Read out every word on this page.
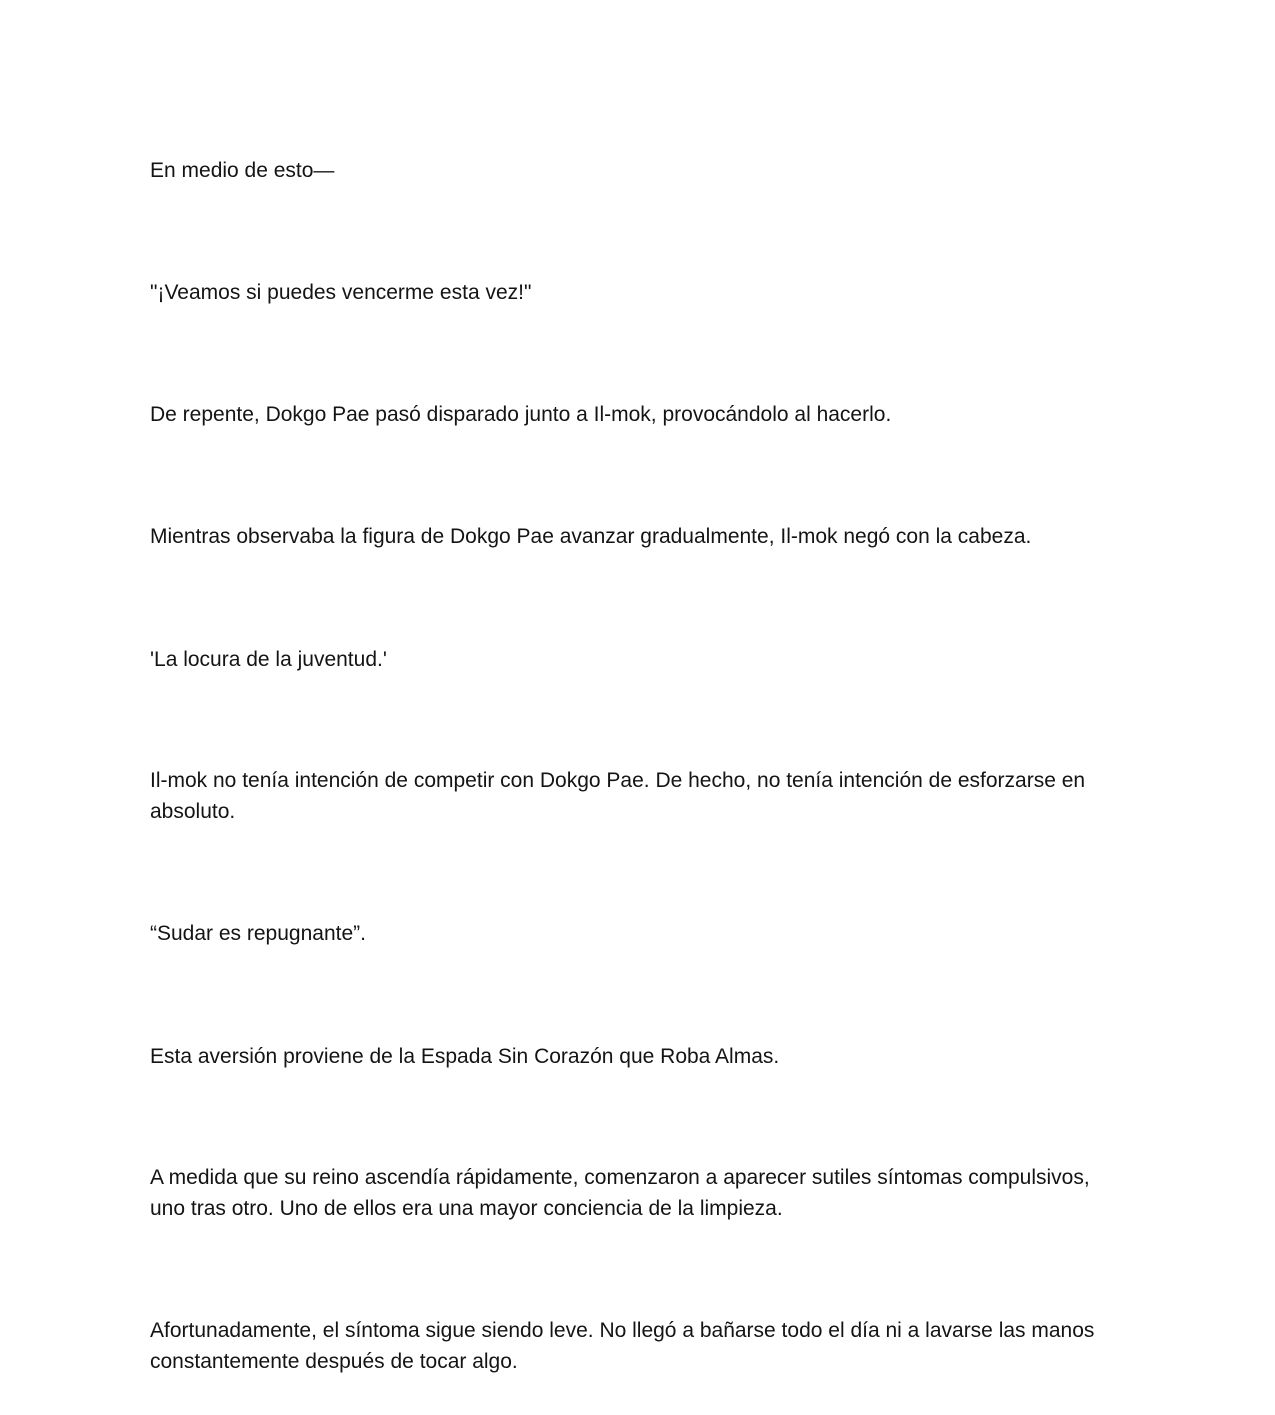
En medio de esto—

"¡Veamos si puedes vencerme esta vez!"

De repente, Dokgo Pae pasó disparado junto a Il-mok, provocándolo al hacerlo.

Mientras observaba la figura de Dokgo Pae avanzar gradualmente, Il-mok negó con la cabeza.

'La locura de la juventud.'

Il-mok no tenía intención de competir con Dokgo Pae. De hecho, no tenía intención de esforzarse en absoluto.

“Sudar es repugnante”.

Esta aversión proviene de la Espada Sin Corazón que Roba Almas.

A medida que su reino ascendía rápidamente, comenzaron a aparecer sutiles síntomas compulsivos, uno tras otro. Uno de ellos era una mayor conciencia de la limpieza.

Afortunadamente, el síntoma sigue siendo leve. No llegó a bañarse todo el día ni a lavarse las manos constantemente después de tocar algo.
